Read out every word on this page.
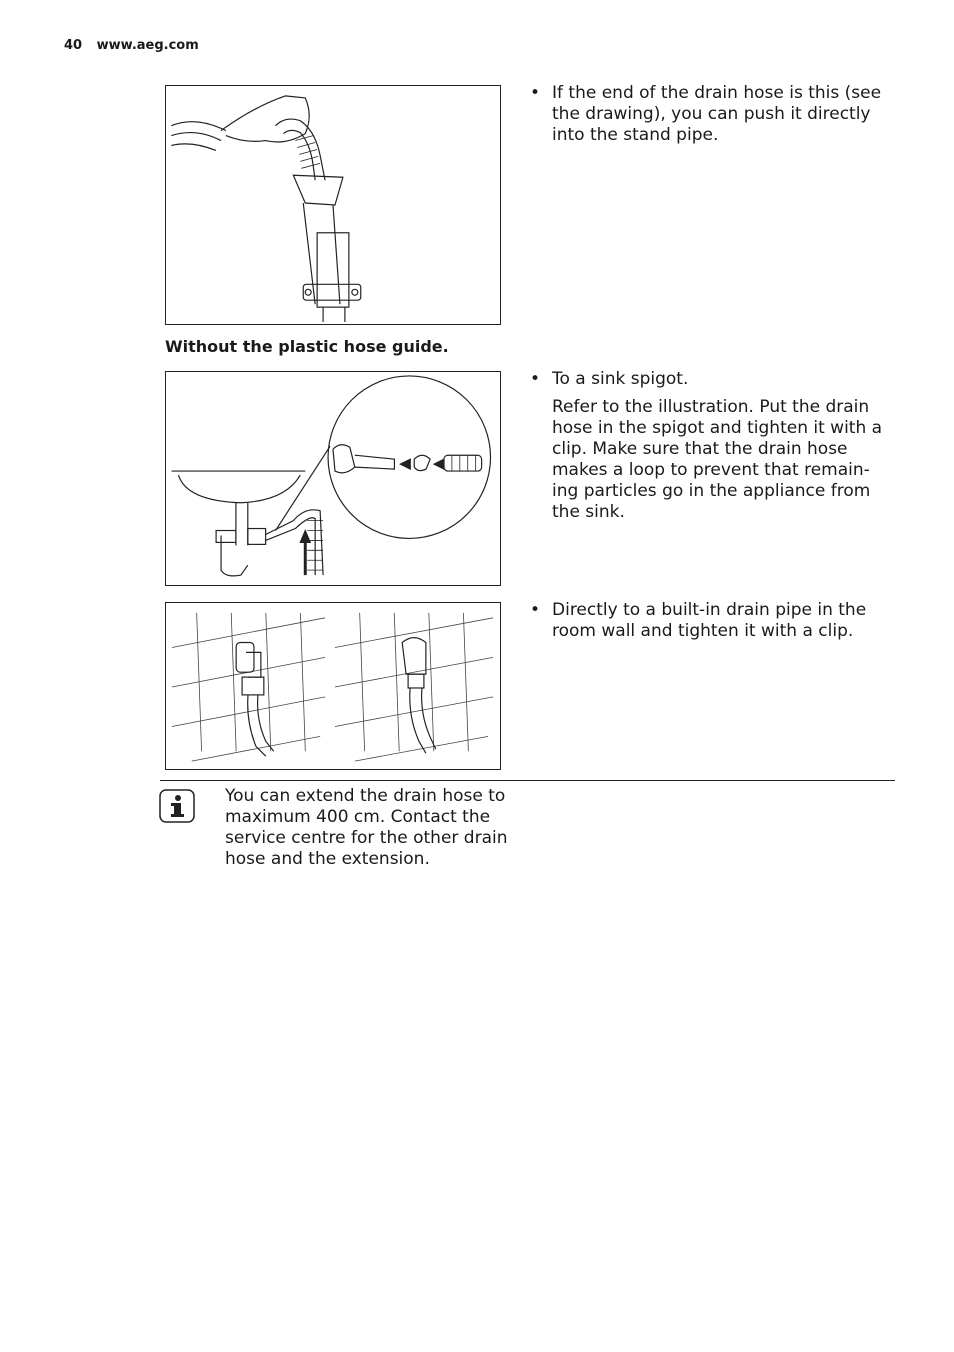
40 www.aeg.com
• If the end of the drain hose is this (see the drawing), you can push it directly into the stand pipe.
Without the plastic hose guide.
• To a sink spigot.
Refer to the illustration. Put the drain hose in the spigot and tighten it with a clip. Make sure that the drain hose makes a loop to prevent that remain-ing particles go in the appliance from the sink.
• Directly to a built-in drain pipe in the room wall and tighten it with a clip.
You can extend the drain hose to maximum 400 cm. Contact the service centre for the other drain hose and the extension.
